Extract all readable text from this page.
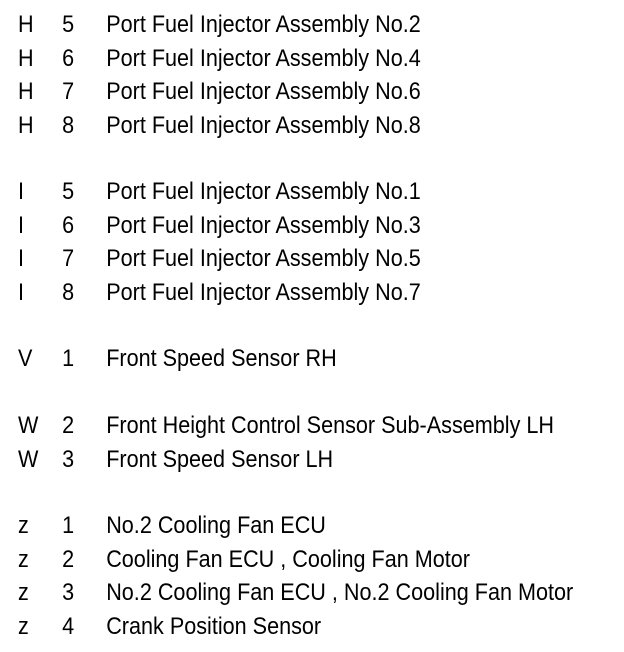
H 5 Port Fuel Injector Assembly No.2
H 6 Port Fuel Injector Assembly No.4
H 7 Port Fuel Injector Assembly No.6
H 8 Port Fuel Injector Assembly No.8
I 5 Port Fuel Injector Assembly No.1
I 6 Port Fuel Injector Assembly No.3
I 7 Port Fuel Injector Assembly No.5
I 8 Port Fuel Injector Assembly No.7
V 1 Front Speed Sensor RH
W 2 Front Height Control Sensor Sub-Assembly LH
W 3 Front Speed Sensor LH
z 1 No.2 Cooling Fan ECU
z 2 Cooling Fan ECU , Cooling Fan Motor
z 3 No.2 Cooling Fan ECU , No.2 Cooling Fan Motor
z 4 Crank Position Sensor
